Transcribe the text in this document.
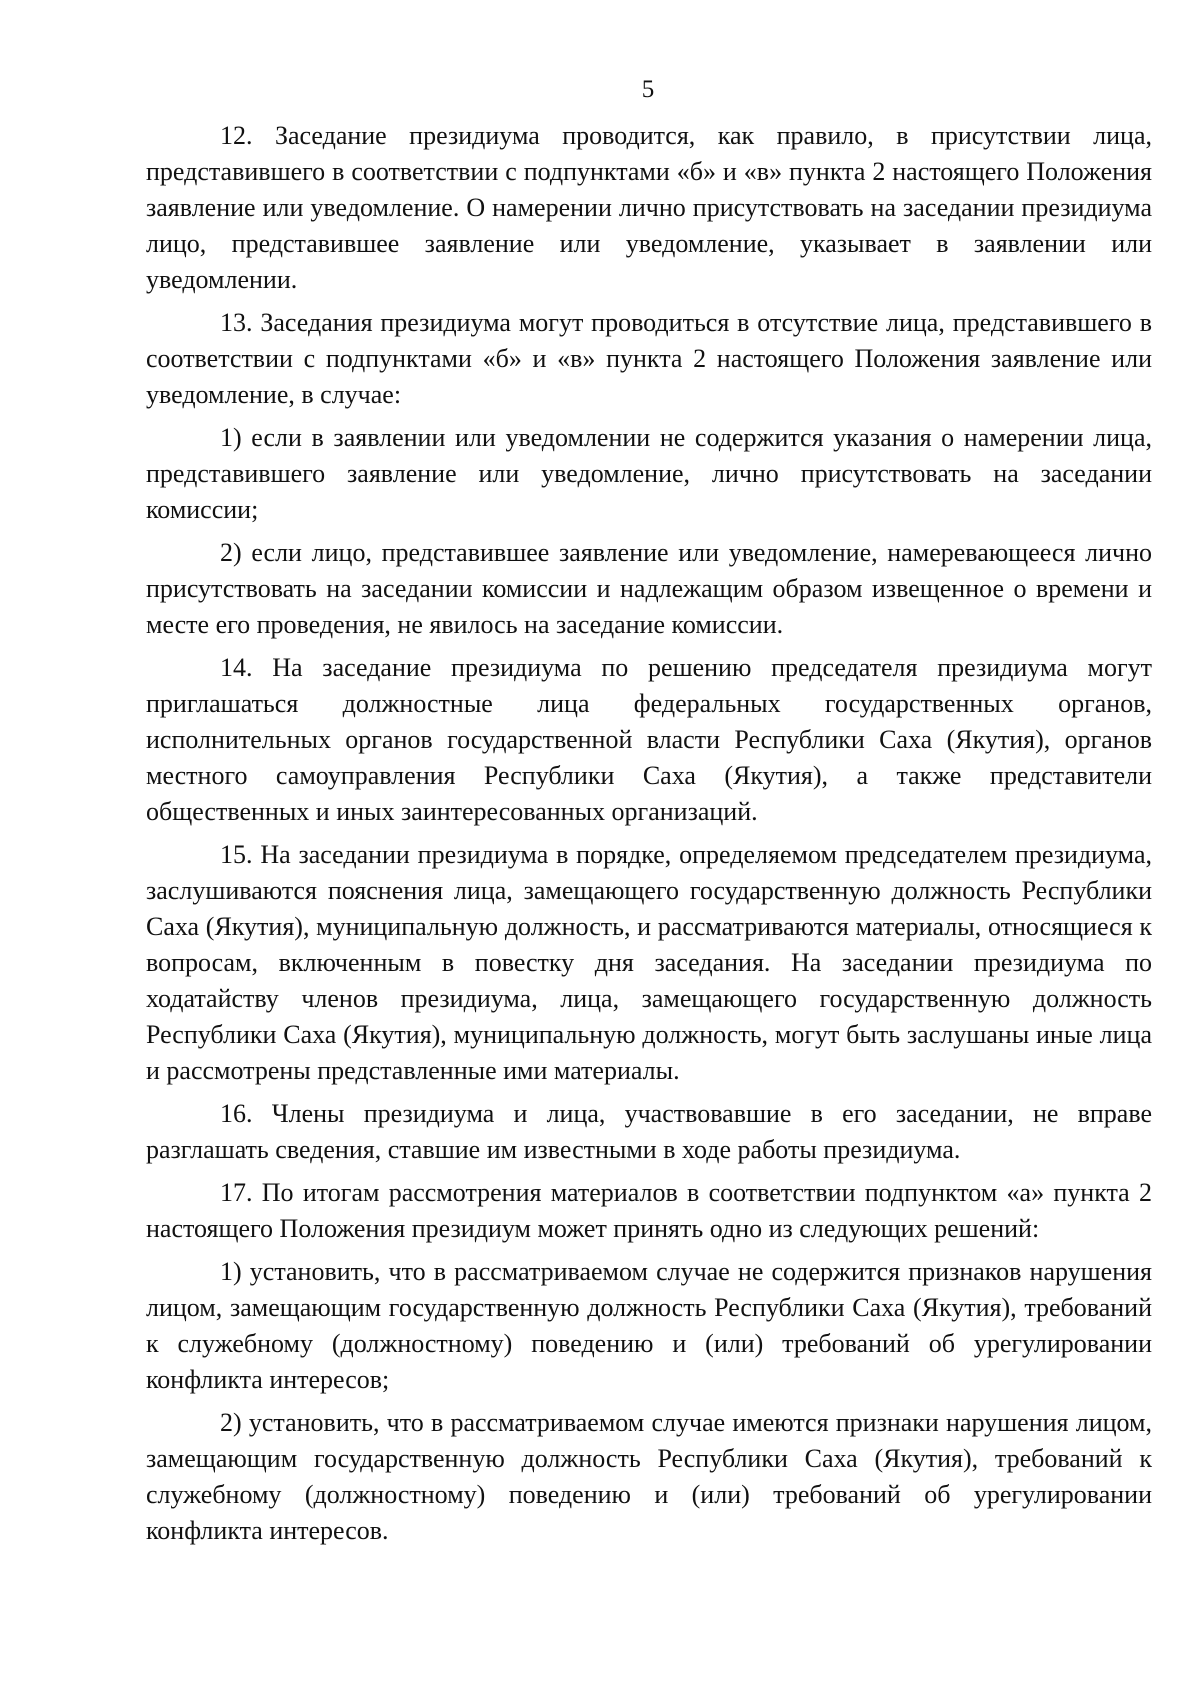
5

12. Заседание президиума проводится, как правило, в присутствии лица, представившего в соответствии с подпунктами «б» и «в» пункта 2 настоящего Положения заявление или уведомление. О намерении лично присутствовать на заседании президиума лицо, представившее заявление или уведомление, указывает в заявлении или уведомлении.

13. Заседания президиума могут проводиться в отсутствие лица, представившего в соответствии с подпунктами «б» и «в» пункта 2 настоящего Положения заявление или уведомление, в случае:

1) если в заявлении или уведомлении не содержится указания о намерении лица, представившего заявление или уведомление, лично присутствовать на заседании комиссии;

2) если лицо, представившее заявление или уведомление, намеревающееся лично присутствовать на заседании комиссии и надлежащим образом извещенное о времени и месте его проведения, не явилось на заседание комиссии.

14. На заседание президиума по решению председателя президиума могут приглашаться должностные лица федеральных государственных органов, исполнительных органов государственной власти Республики Саха (Якутия), органов местного самоуправления Республики Саха (Якутия), а также представители общественных и иных заинтересованных организаций.

15. На заседании президиума в порядке, определяемом председателем президиума, заслушиваются пояснения лица, замещающего государственную должность Республики Саха (Якутия), муниципальную должность, и рассматриваются материалы, относящиеся к вопросам, включенным в повестку дня заседания. На заседании президиума по ходатайству членов президиума, лица, замещающего государственную должность Республики Саха (Якутия), муниципальную должность, могут быть заслушаны иные лица и рассмотрены представленные ими материалы.

16. Члены президиума и лица, участвовавшие в его заседании, не вправе разглашать сведения, ставшие им известными в ходе работы президиума.

17. По итогам рассмотрения материалов в соответствии подпунктом «а» пункта 2 настоящего Положения президиум может принять одно из следующих решений:

1) установить, что в рассматриваемом случае не содержится признаков нарушения лицом, замещающим государственную должность Республики Саха (Якутия), требований к служебному (должностному) поведению и (или) требований об урегулировании конфликта интересов;

2) установить, что в рассматриваемом случае имеются признаки нарушения лицом, замещающим государственную должность Республики Саха (Якутия), требований к служебному (должностному) поведению и (или) требований об урегулировании конфликта интересов.
